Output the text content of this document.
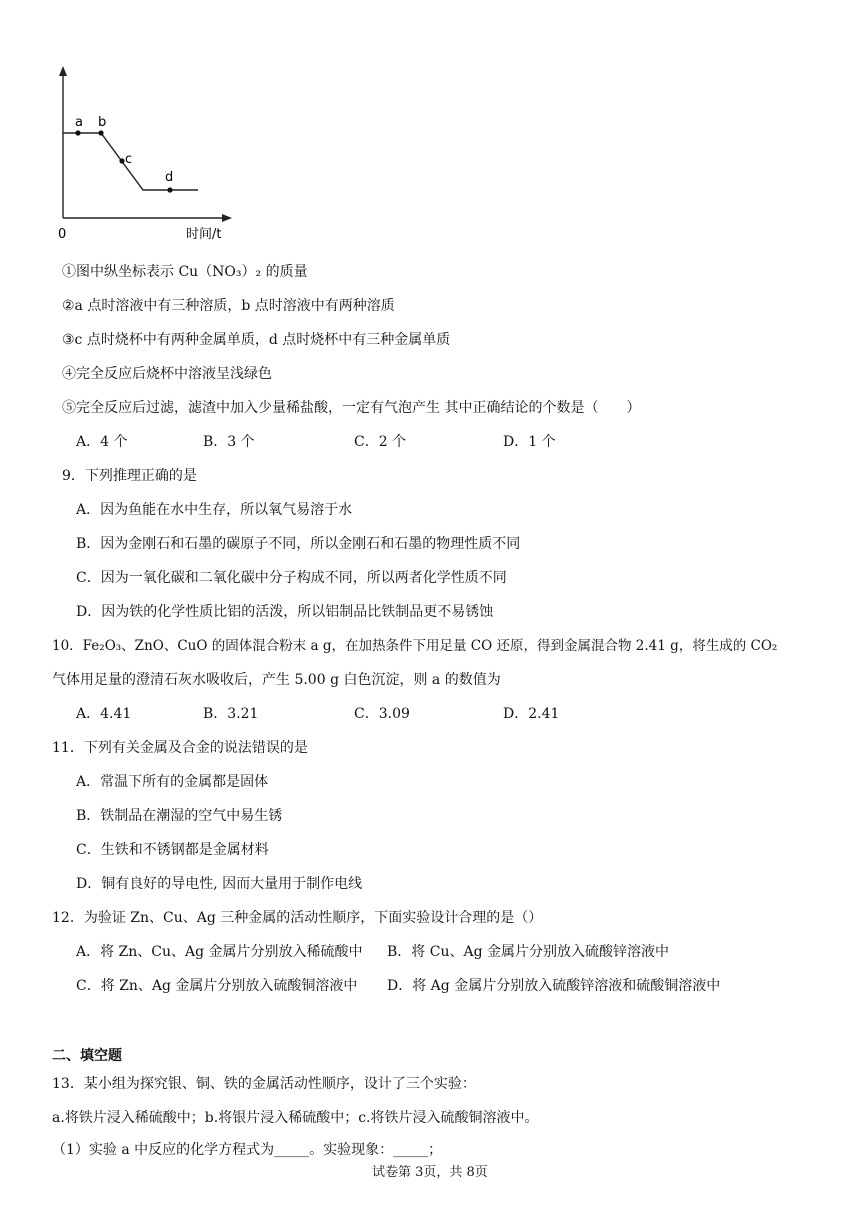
a b
c
d
0	时间/t
①图中纵坐标表示 Cu（NO₃）₂ 的质量
②a 点时溶液中有三种溶质，b 点时溶液中有两种溶质
③c 点时烧杯中有两种金属单质，d 点时烧杯中有三种金属单质
④完全反应后烧杯中溶液呈浅绿色
⑤完全反应后过滤，滤渣中加入少量稀盐酸，一定有气泡产生 其中正确结论的个数是（　　）
A．4 个	B．3 个	C．2 个	D．1 个
9．下列推理正确的是
A．因为鱼能在水中生存，所以氧气易溶于水
B．因为金刚石和石墨的碳原子不同，所以金刚石和石墨的物理性质不同
C．因为一氧化碳和二氧化碳中分子构成不同，所以两者化学性质不同
D．因为铁的化学性质比铝的活泼，所以铝制品比铁制品更不易锈蚀
10．Fe₂O₃、ZnO、CuO 的固体混合粉末 a g，在加热条件下用足量 CO 还原，得到金属混合物 2.41 g，将生成的 CO₂
气体用足量的澄清石灰水吸收后，产生 5.00 g 白色沉淀，则 a 的数值为
A．4.41	B．3.21	C．3.09	D．2.41
11．下列有关金属及合金的说法错误的是
A．常温下所有的金属都是固体
B．铁制品在潮湿的空气中易生锈
C．生铁和不锈钢都是金属材料
D．铜有良好的导电性, 因而大量用于制作电线
12．为验证 Zn、Cu、Ag 三种金属的活动性顺序，下面实验设计合理的是（）
A．将 Zn、Cu、Ag 金属片分别放入稀硫酸中 B．将 Cu、Ag 金属片分别放入硫酸锌溶液中
C．将 Zn、Ag 金属片分别放入硫酸铜溶液中 D．将 Ag 金属片分别放入硫酸锌溶液和硫酸铜溶液中
二、填空题
13．某小组为探究银、铜、铁的金属活动性顺序，设计了三个实验：
a.将铁片浸入稀硫酸中；b.将银片浸入稀硫酸中；c.将铁片浸入硫酸铜溶液中。
（1）实验 a 中反应的化学方程式为_____。实验现象：_____；
试卷第 3页，共 8页
